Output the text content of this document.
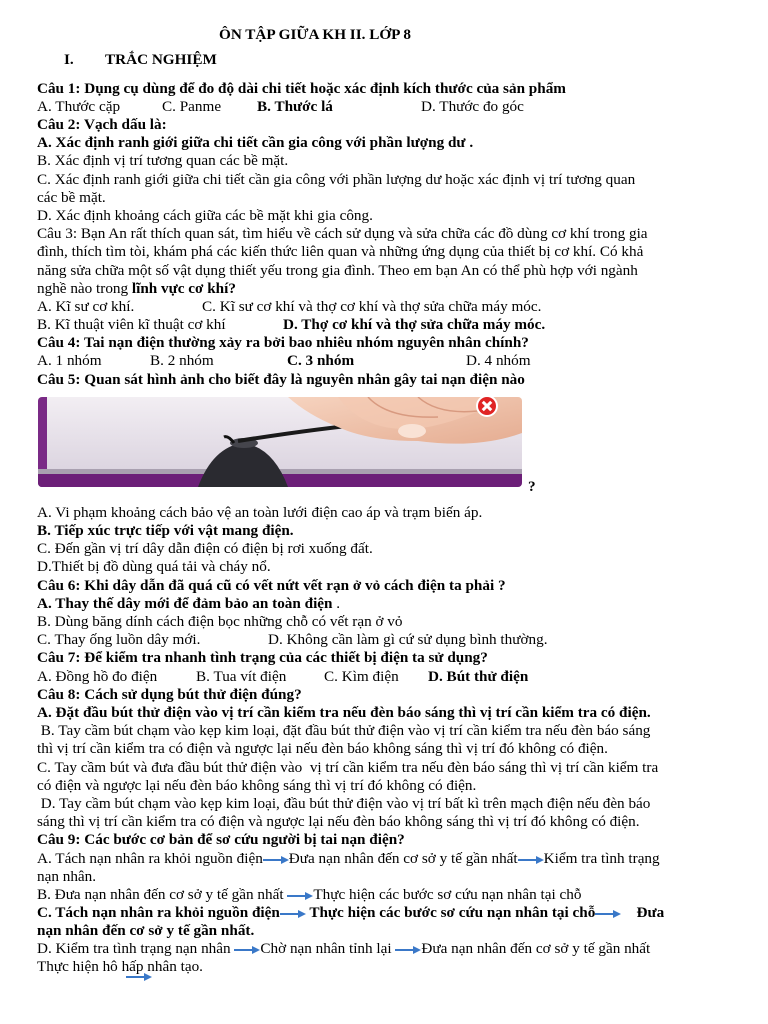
ÔN TẬP GIỮA KH II. LỚP 8
I. TRẮC NGHIỆM
Câu 1: Dụng cụ dùng để đo độ dài chi tiết hoặc xác định kích thước của sản phẩm
A. Thước cặp	C. Panme B. Thước lá	D. Thước đo góc
Câu 2: Vạch dấu là:
A. Xác định ranh giới giữa chi tiết cần gia công với phần lượng dư .
B. Xác định vị trí tương quan các bề mặt.
C. Xác định ranh giới giữa chi tiết cần gia công với phần lượng dư hoặc xác định vị trí tương quan
các bề mặt.
D. Xác định khoảng cách giữa các bề mặt khi gia công.
Câu 3: Bạn An rất thích quan sát, tìm hiểu về cách sử dụng và sửa chữa các đồ dùng cơ khí trong gia
đình, thích tìm tòi, khám phá các kiến thức liên quan và những ứng dụng của thiết bị cơ khí. Có khả
năng sửa chữa một số vật dụng thiết yếu trong gia đình. Theo em bạn An có thể phù hợp với ngành
nghề nào trong lĩnh vực cơ khí?
A. Kĩ sư cơ khí.	C. Kĩ sư cơ khí và thợ cơ khí và thợ sửa chữa máy móc.
B. Kĩ thuật viên kĩ thuật cơ khí	D. Thợ cơ khí và thợ sửa chữa máy móc.
Câu 4: Tai nạn điện thường xảy ra bởi bao nhiêu nhóm nguyên nhân chính?
A. 1 nhóm	B. 2 nhóm	C. 3 nhóm	D. 4 nhóm
Câu 5: Quan sát hình ảnh cho biết đây là nguyên nhân gây tai nạn điện nào
?
A. Vi phạm khoảng cách bảo vệ an toàn lưới điện cao áp và trạm biến áp.
B. Tiếp xúc trực tiếp với vật mang điện.
C. Đến gần vị trí dây dẫn điện có điện bị rơi xuống đất.
D.Thiết bị đồ dùng quá tải và cháy nổ.
Câu 6: Khi dây dẫn đã quá cũ có vết nứt vết rạn ở vỏ cách điện ta phải ?
A. Thay thế dây mới để đảm bảo an toàn điện .
B. Dùng băng dính cách điện bọc những chỗ có vết rạn ở vỏ
C. Thay ống luồn dây mới.	D. Không cần làm gì cứ sử dụng bình thường.
Câu 7: Để kiểm tra nhanh tình trạng của các thiết bị điện ta sử dụng?
A. Đồng hồ đo điện	B. Tua vít điện C. Kìm điện D. Bút thử điện
Câu 8: Cách sử dụng bút thử điện đúng?
A. Đặt đầu bút thử điện vào vị trí cần kiểm tra nếu đèn báo sáng thì vị trí cần kiểm tra có điện.
B. Tay cầm bút chạm vào kẹp kim loại, đặt đầu bút thử điện vào vị trí cần kiểm tra nếu đèn báo sáng
thì vị trí cần kiểm tra có điện và ngược lại nếu đèn báo không sáng thì vị trí đó không có điện.
C. Tay cầm bút và đưa đầu bút thử điện vào  vị trí cần kiểm tra nếu đèn báo sáng thì vị trí cần kiểm tra
có điện và ngược lại nếu đèn báo không sáng thì vị trí đó không có điện.
D. Tay cầm bút chạm vào kẹp kim loại, đầu bút thử điện vào vị trí bất kì trên mạch điện nếu đèn báo
sáng thì vị trí cần kiểm tra có điện và ngược lại nếu đèn báo không sáng thì vị trí đó không có điện.
Câu 9: Các bước cơ bản để sơ cứu người bị tai nạn điện?
A. Tách nạn nhân ra khỏi nguồn điện Đưa nạn nhân đến cơ sở y tế gần nhất Kiểm tra tình trạng
nạn nhân.
B. Đưa nạn nhân đến cơ sở y tế gần nhất Thực hiện các bước sơ cứu nạn nhân tại chỗ
C. Tách nạn nhân ra khỏi nguồn điện Thực hiện các bước sơ cứu nạn nhân tại chỗ	Đưa
nạn nhân đến cơ sở y tế gần nhất.
D. Kiểm tra tình trạng nạn nhân Chờ nạn nhân tỉnh lại Đưa nạn nhân đến cơ sở y tế gần nhất
Thực hiện hô hấp nhân tạo.
